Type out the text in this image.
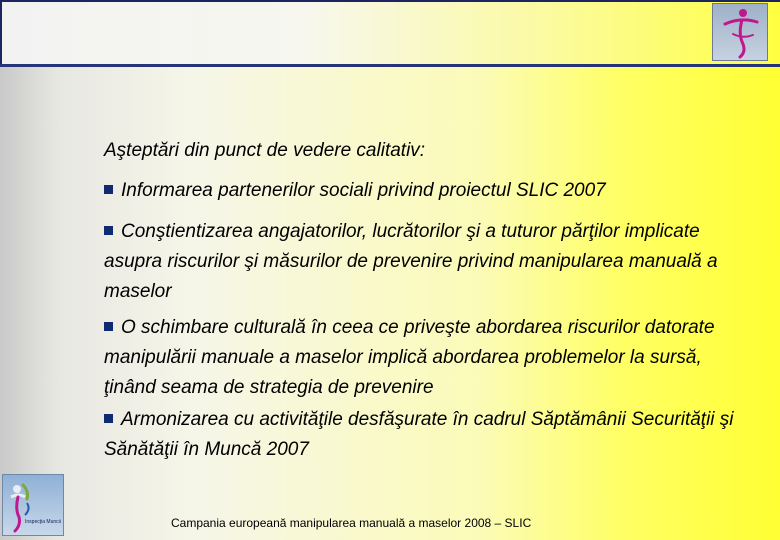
Aşteptări din punct de vedere calitativ:
Informarea partenerilor sociali privind proiectul SLIC 2007
Conştientizarea angajatorilor, lucrătorilor şi a tuturor părţilor implicate asupra riscurilor şi măsurilor de prevenire privind manipularea manuală a maselor
O schimbare culturală în ceea ce priveşte abordarea riscurilor datorate manipulării manuale a maselor implică abordarea problemelor la sursă, ţinând seama de strategia de prevenire
Armonizarea cu activităţile desfăşurate în cadrul Săptămânii Securităţii şi Sănătăţii în Muncă 2007
Inspecţia Muncii	Campania europeană manipularea manuală a maselor 2008 – SLIC
